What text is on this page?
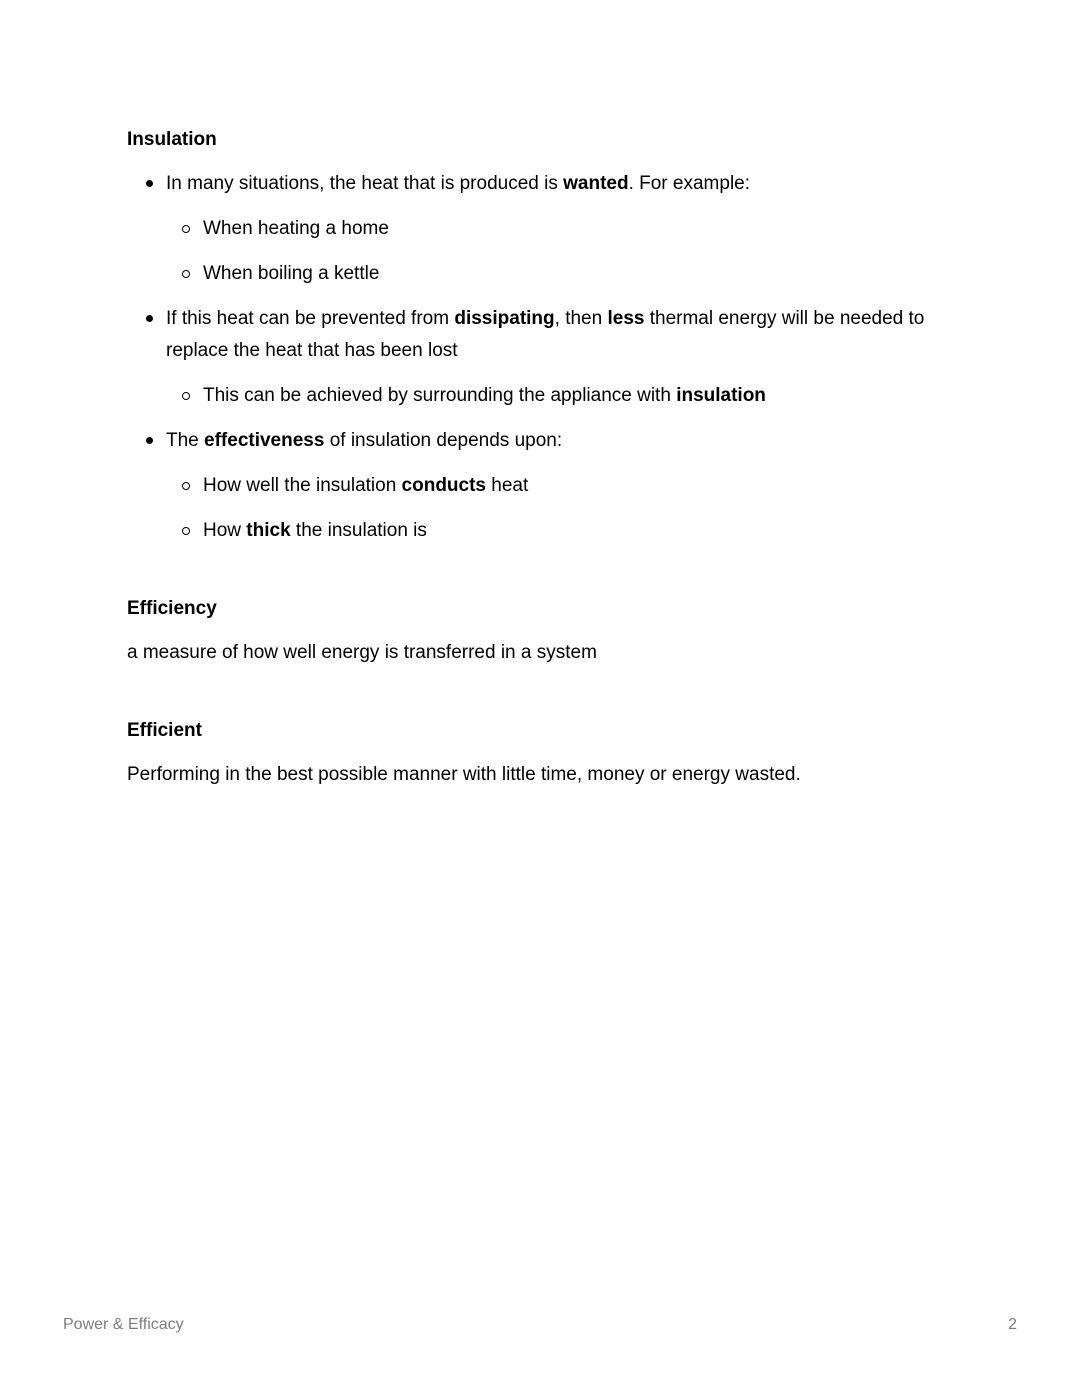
Insulation
In many situations, the heat that is produced is wanted. For example:
When heating a home
When boiling a kettle
If this heat can be prevented from dissipating, then less thermal energy will be needed to replace the heat that has been lost
This can be achieved by surrounding the appliance with insulation
The effectiveness of insulation depends upon:
How well the insulation conducts heat
How thick the insulation is
Efficiency

a measure of how well energy is transferred in a system

Efficient

Performing in the best possible manner with little time, money or energy wasted.

Power & Efficacy	2
